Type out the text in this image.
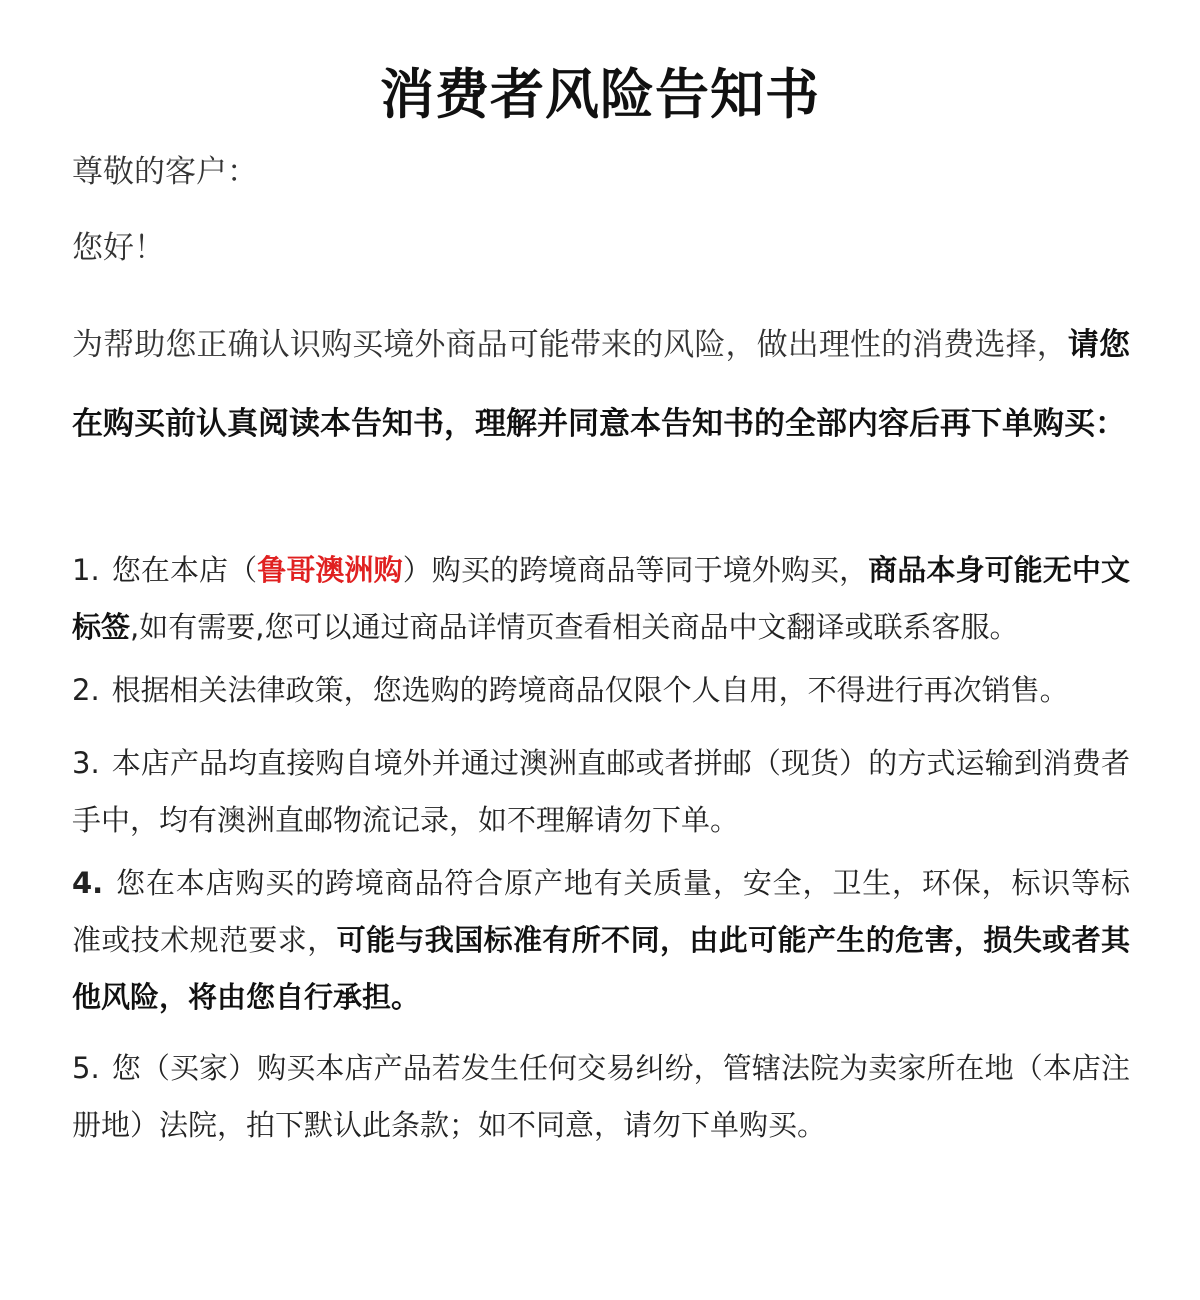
消费者风险告知书
尊敬的客户：
您好！

为帮助您正确认识购买境外商品可能带来的风险，做出理性的消费选择，请您在购买前认真阅读本告知书，理解并同意本告知书的全部内容后再下单购买：

1. 您在本店（鲁哥澳洲购）购买的跨境商品等同于境外购买，商品本身可能无中文标签,如有需要,您可以通过商品详情页查看相关商品中文翻译或联系客服。

2. 根据相关法律政策，您选购的跨境商品仅限个人自用，不得进行再次销售。

3. 本店产品均直接购自境外并通过澳洲直邮或者拼邮（现货）的方式运输到消费者手中，均有澳洲直邮物流记录，如不理解请勿下单。

4. 您在本店购买的跨境商品符合原产地有关质量，安全，卫生，环保，标识等标准或技术规范要求，可能与我国标准有所不同，由此可能产生的危害，损失或者其他风险，将由您自行承担。

5. 您（买家）购买本店产品若发生任何交易纠纷，管辖法院为卖家所在地（本店注册地）法院，拍下默认此条款；如不同意，请勿下单购买。
